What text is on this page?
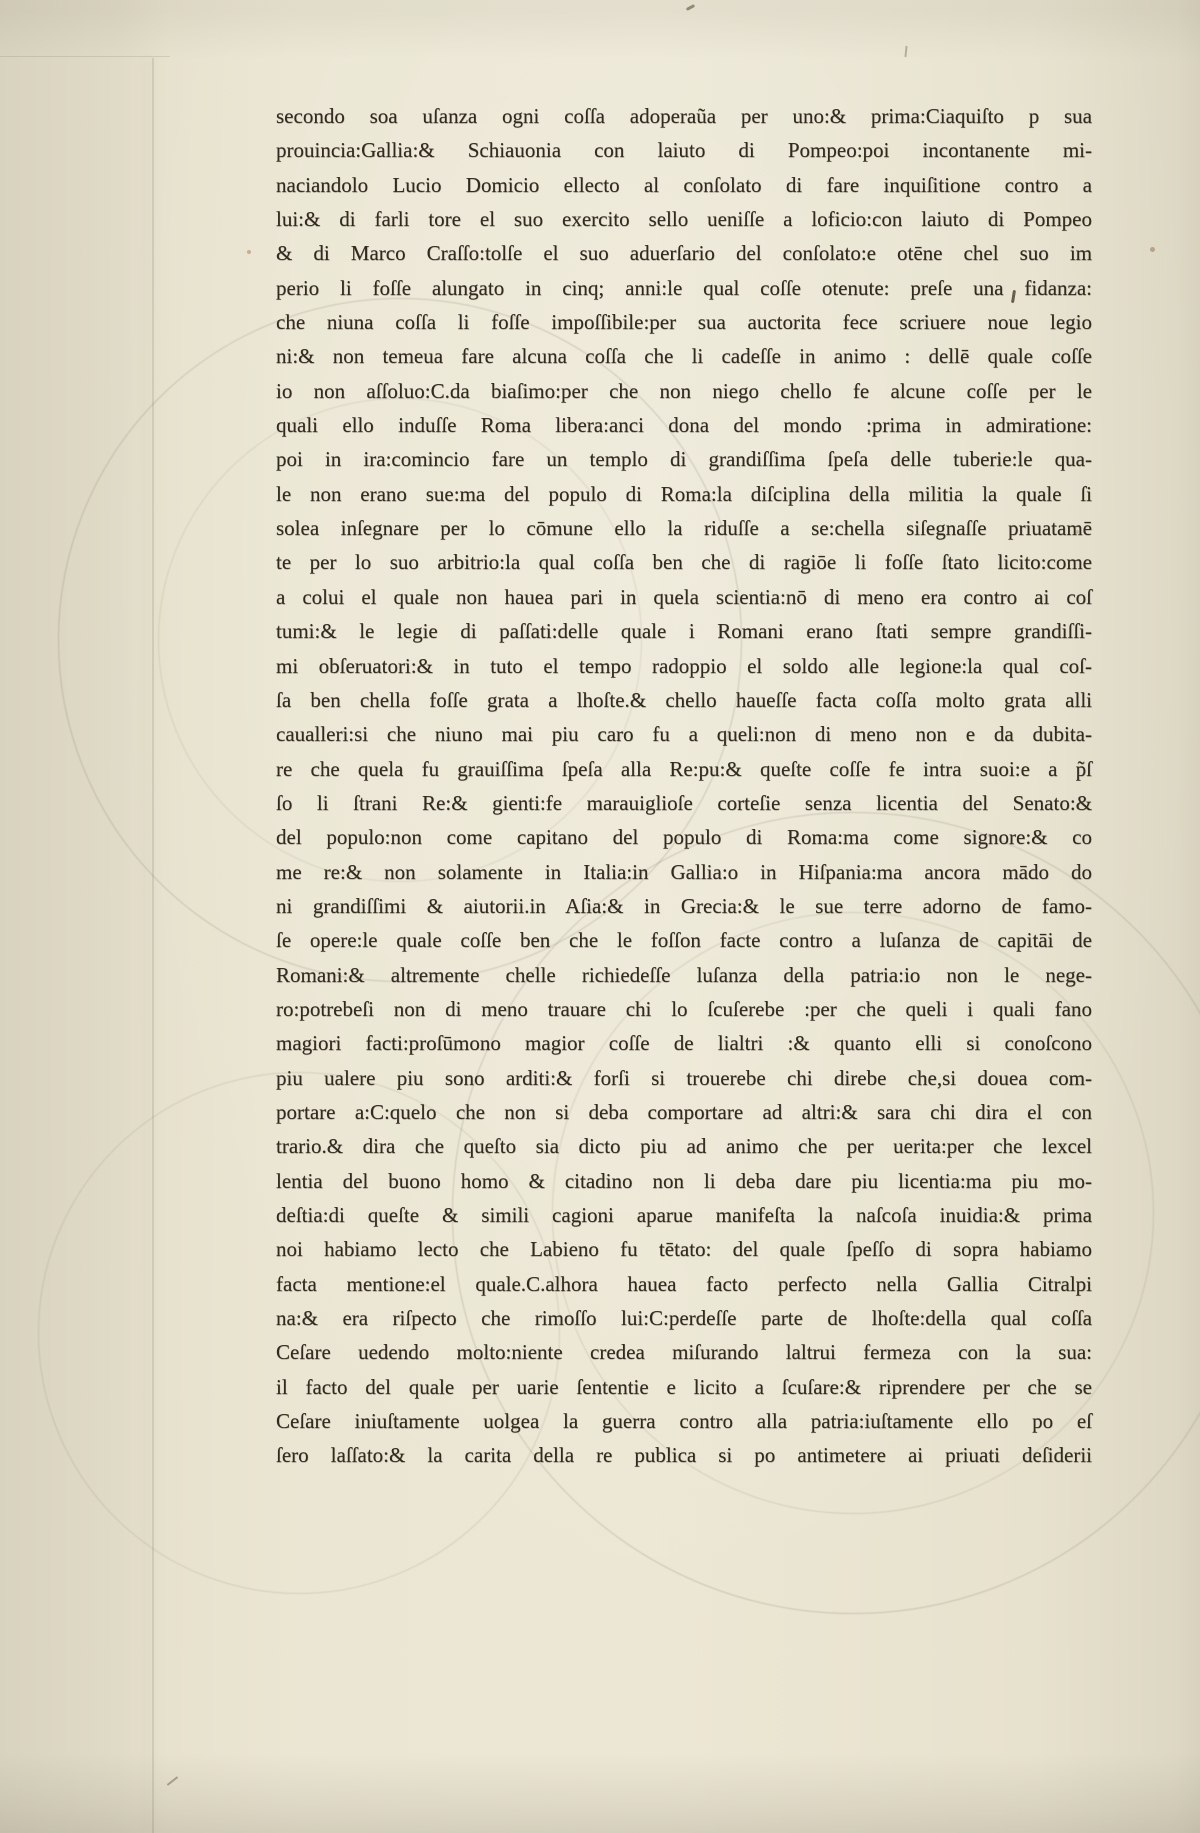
secondo soa uſanza ogni coſſa adoperaũa per uno:& prima:Ciaquiſto p sua
prouincia:Gallia:& Schiauonia con laiuto di Pompeo:poi incontanente mi-
naciandolo Lucio Domicio ellecto al conſolato di fare inquiſitione contro a
lui:& di farli tore el suo exercito sello ueniſſe a loficio:con laiuto di Pompeo
& di Marco Craſſo:tolſe el suo aduerſario del conſolato:e otēne chel suo im
perio li foſſe alungato in cinq; anni:le qual coſſe otenute: preſe una fidanza:
che niuna coſſa li foſſe impoſſibile:per sua auctorita fece scriuere noue legio
ni:& non temeua fare alcuna coſſa che li cadeſſe in animo : dellē quale coſſe
io non aſſoluo:C.da biaſimo:per che non niego chello fe alcune coſſe per le
quali ello induſſe Roma libera:anci dona del mondo :prima in admiratione:
poi in ira:comincio fare un templo di grandiſſima ſpeſa delle tuberie:le qua-
le non erano sue:ma del populo di Roma:la diſciplina della militia la quale ſi
solea inſegnare per lo cōmune ello la riduſſe a se:chella siſegnaſſe priuatamē
te per lo suo arbitrio:la qual coſſa ben che di ragiōe li foſſe ſtato licito:come
a colui el quale non hauea pari in quela scientia:nō di meno era contro ai coſ
tumi:& le legie di paſſati:delle quale i Romani erano ſtati sempre grandiſſi-
mi obſeruatori:& in tuto el tempo radoppio el soldo alle legione:la qual coſ-
ſa ben chella foſſe grata a lhoſte.& chello haueſſe facta coſſa molto grata alli
caualleri:si che niuno mai piu caro fu a queli:non di meno non e da dubita-
re che quela fu grauiſſima ſpeſa alla Re:pu:& queſte coſſe fe intra suoi:e a p̃ſ
ſo li ſtrani Re:& gienti:fe marauiglioſe corteſie senza licentia del Senato:&
del populo:non come capitano del populo di Roma:ma come signore:& co
me re:& non solamente in Italia:in Gallia:o in Hiſpania:ma ancora mādo do
ni grandiſſimi & aiutorii.in Aſia:& in Grecia:& le sue terre adorno de famo-
ſe opere:le quale coſſe ben che le foſſon facte contro a luſanza de capitāi de
Romani:& altremente chelle richiedeſſe luſanza della patria:io non le nege-
ro:potrebeſi non di meno trauare chi lo ſcuſerebe :per che queli i quali fano
magiori facti:proſūmono magior coſſe de lialtri :& quanto elli si conoſcono
piu ualere piu sono arditi:& forſi si trouerebe chi direbe che,si douea com-
portare a:C:quelo che non si deba comportare ad altri:& sara chi dira el con
trario.& dira che queſto sia dicto piu ad animo che per uerita:per che lexcel
lentia del buono homo & citadino non li deba dare piu licentia:ma piu mo-
deſtia:di queſte & simili cagioni aparue manifeſta la naſcoſa inuidia:& prima
noi habiamo lecto che Labieno fu tētato: del quale ſpeſſo di sopra habiamo
facta mentione:el quale.C.alhora hauea facto perfecto nella Gallia Citralpi
na:& era riſpecto che rimoſſo lui:C:perdeſſe parte de lhoſte:della qual coſſa
Ceſare uedendo molto:niente credea miſurando laltrui fermeza con la sua:
il facto del quale per uarie ſententie e licito a ſcuſare:& riprendere per che se
Ceſare iniuſtamente uolgea la guerra contro alla patria:iuſtamente ello po eſ
ſero laſſato:& la carita della re publica si po antimetere ai priuati deſiderii
